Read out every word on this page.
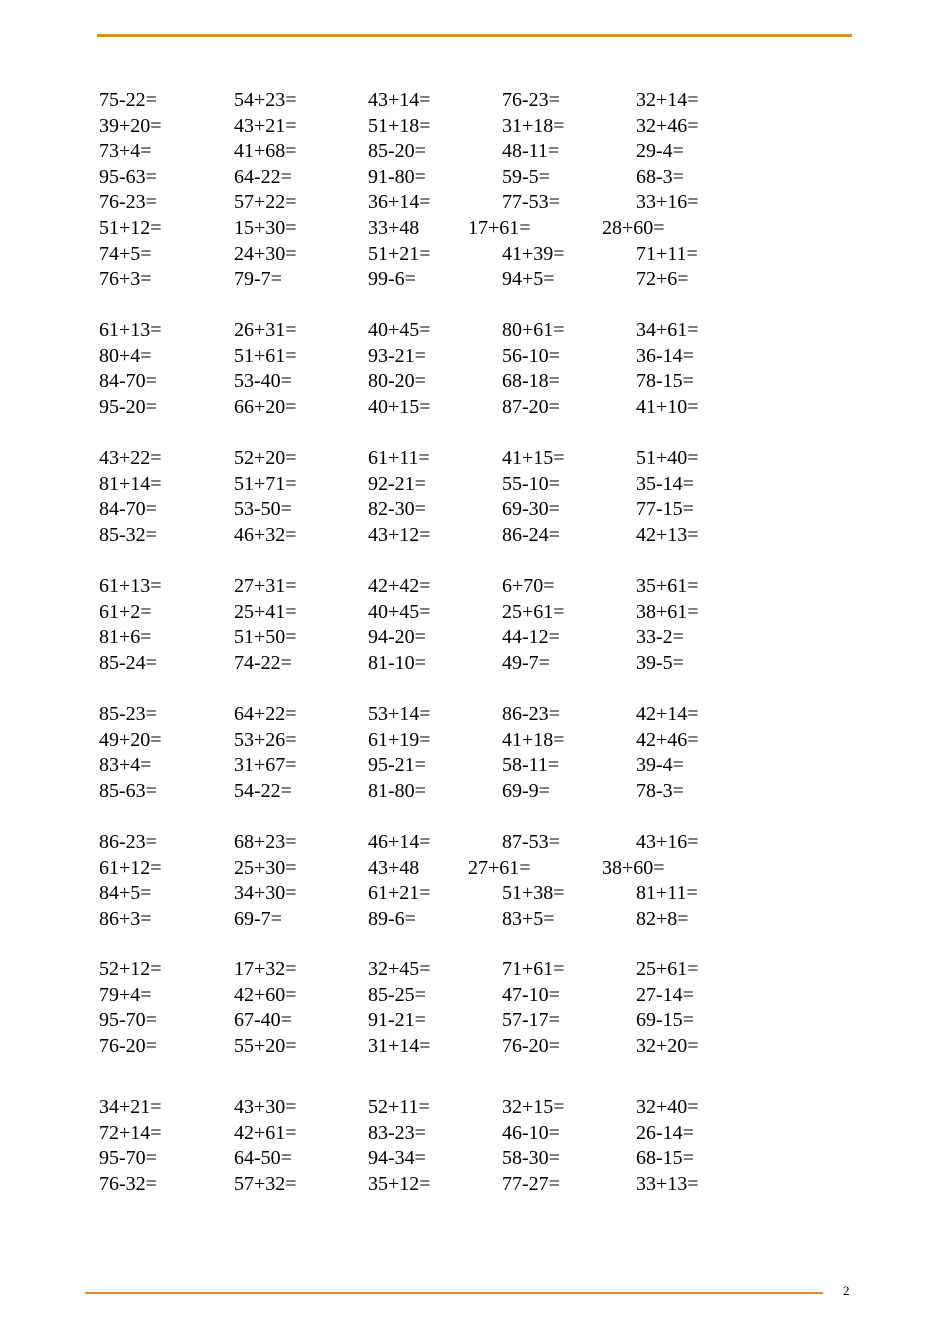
75-22=	54+23=	43+14=	76-23=	32+14=
39+20=	43+21=	51+18=	31+18=	32+46=
73+4=	41+68=	85-20=	48-11=	29-4=
95-63=	64-22=	91-80=	59-5=	68-3=
76-23=	57+22=	36+14=	77-53=	33+16=
51+12=	15+30=	33+48 17+61=	28+60=
74+5=	24+30=	51+21=	41+39=	71+11=
76+3=	79-7=	99-6=	94+5=	72+6=
61+13=	26+31=	40+45=	80+61=	34+61=
80+4=	51+61=	93-21=	56-10=	36-14=
84-70=	53-40=	80-20=	68-18=	78-15=
95-20=	66+20=	40+15=	87-20=	41+10=
43+22=	52+20=	61+11=	41+15=	51+40=
81+14=	51+71=	92-21=	55-10=	35-14=
84-70=	53-50=	82-30=	69-30=	77-15=
85-32=	46+32=	43+12=	86-24=	42+13=
61+13=	27+31=	42+42=	6+70=	35+61=
61+2=	25+41=	40+45=	25+61=	38+61=
81+6=	51+50=	94-20=	44-12=	33-2=
85-24=	74-22=	81-10=	49-7=	39-5=
85-23=	64+22=	53+14=	86-23=	42+14=
49+20=	53+26=	61+19=	41+18=	42+46=
83+4=	31+67=	95-21=	58-11=	39-4=
85-63=	54-22=	81-80=	69-9=	78-3=
86-23=	68+23=	46+14=	87-53=	43+16=
61+12=	25+30=	43+48 27+61=	38+60=
84+5=	34+30=	61+21=	51+38=	81+11=
86+3=	69-7=	89-6=	83+5=	82+8=
52+12=	17+32=	32+45=	71+61=	25+61=
79+4=	42+60=	85-25=	47-10=	27-14=
95-70=	67-40=	91-21=	57-17=	69-15=
76-20=	55+20=	31+14=	76-20=	32+20=
34+21=	43+30=	52+11=	32+15=	32+40=
72+14=	42+61=	83-23=	46-10=	26-14=
95-70=	64-50=	94-34=	58-30=	68-15=
76-32=	57+32=	35+12=	77-27=	33+13=
2
